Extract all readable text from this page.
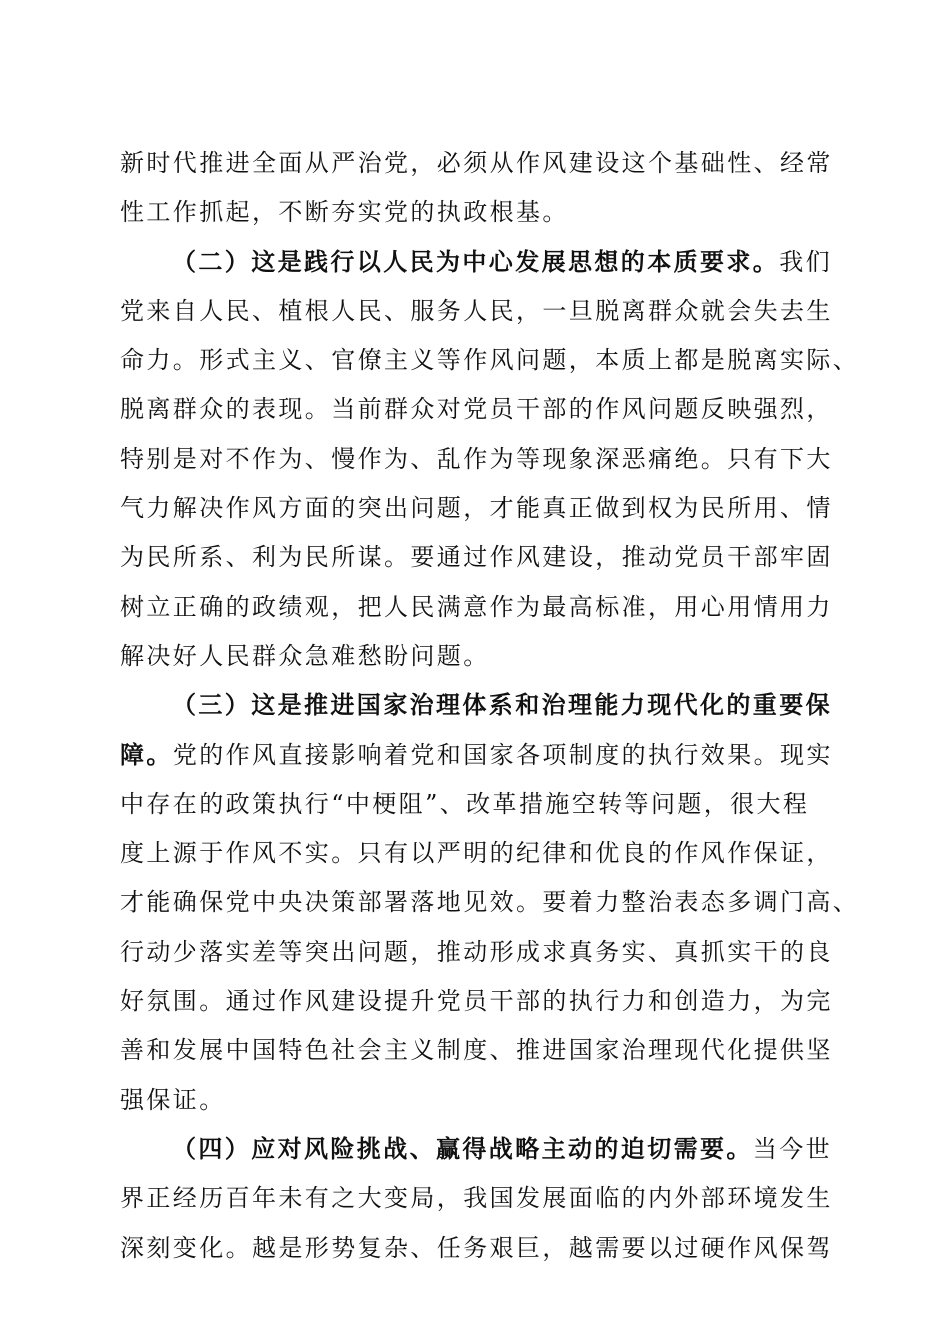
新时代推进全面从严治党，必须从作风建设这个基础性、经常
性工作抓起，不断夯实党的执政根基。
（二）这是践行以人民为中心发展思想的本质要求。我们
党来自人民、植根人民、服务人民，一旦脱离群众就会失去生
命力。形式主义、官僚主义等作风问题，本质上都是脱离实际、
脱离群众的表现。当前群众对党员干部的作风问题反映强烈，
特别是对不作为、慢作为、乱作为等现象深恶痛绝。只有下大
气力解决作风方面的突出问题，才能真正做到权为民所用、情
为民所系、利为民所谋。要通过作风建设，推动党员干部牢固
树立正确的政绩观，把人民满意作为最高标准，用心用情用力
解决好人民群众急难愁盼问题。
（三）这是推进国家治理体系和治理能力现代化的重要保
障。党的作风直接影响着党和国家各项制度的执行效果。现实
中存在的政策执行“中梗阻”、改革措施空转等问题，很大程
度上源于作风不实。只有以严明的纪律和优良的作风作保证，
才能确保党中央决策部署落地见效。要着力整治表态多调门高、
行动少落实差等突出问题，推动形成求真务实、真抓实干的良
好氛围。通过作风建设提升党员干部的执行力和创造力，为完
善和发展中国特色社会主义制度、推进国家治理现代化提供坚
强保证。
（四）应对风险挑战、赢得战略主动的迫切需要。当今世
界正经历百年未有之大变局，我国发展面临的内外部环境发生
深刻变化。越是形势复杂、任务艰巨，越需要以过硬作风保驾
